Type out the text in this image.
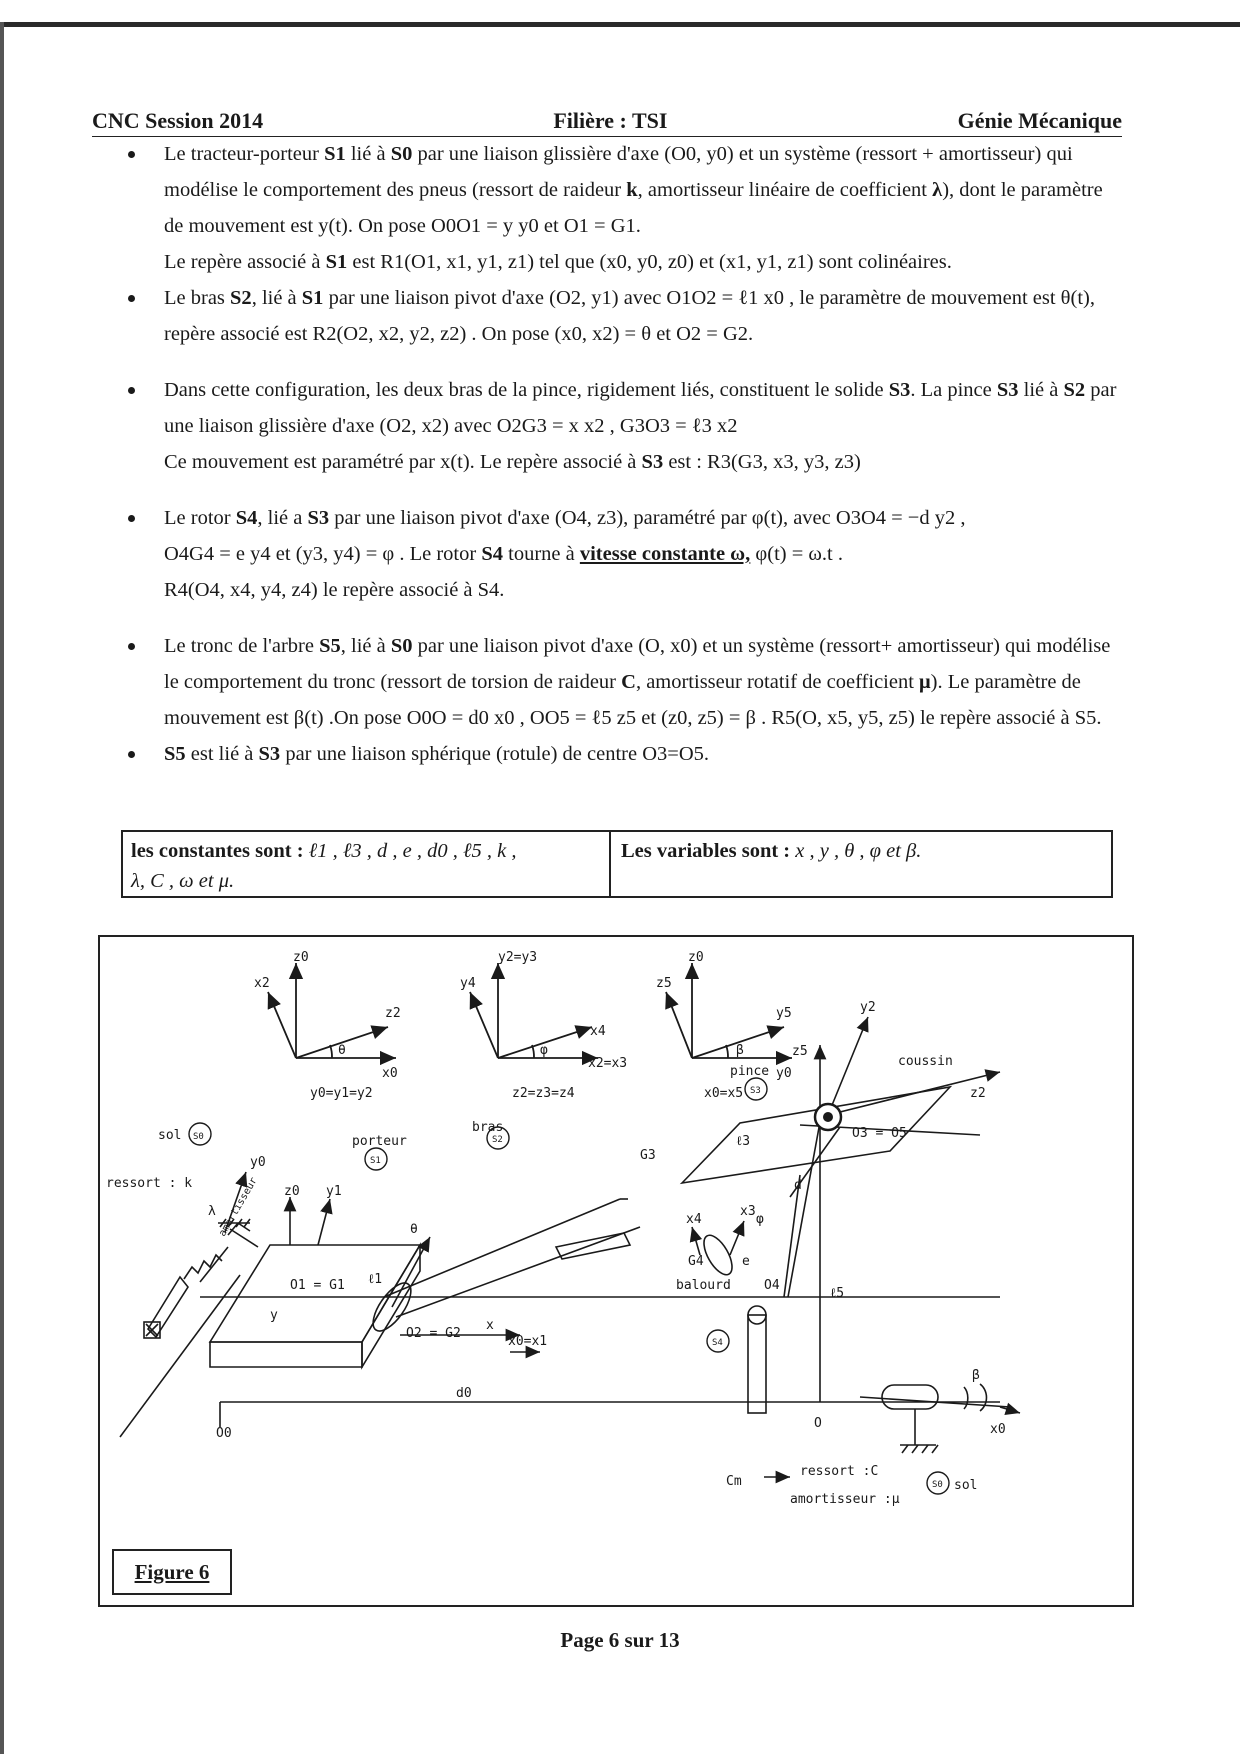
CNC Session 2014	Filière : TSI	Génie Mécanique

Le tracteur-porteur S1 lié à S0 par une liaison glissière d'axe (O0, y0) et un système (ressort + amortisseur) qui modélise le comportement des pneus (ressort de raideur k, amortisseur linéaire de coefficient λ), dont le paramètre de mouvement est y(t). On pose O0O1 = y y0 et O1 = G1.
Le repère associé à S1 est R1(O1, x1, y1, z1) tel que (x0, y0, z0) et (x1, y1, z1) sont colinéaires.

Le bras S2, lié à S1 par une liaison pivot d'axe (O2, y1) avec O1O2 = ℓ1 x0 , le paramètre de mouvement est θ(t), repère associé est R2(O2, x2, y2, z2) . On pose (x0, x2) = θ et O2 = G2.

Dans cette configuration, les deux bras de la pince, rigidement liés, constituent le solide S3. La pince S3 lié à S2 par une liaison glissière d'axe (O2, x2) avec O2G3 = x x2 , G3O3 = ℓ3 x2
Ce mouvement est paramétré par x(t). Le repère associé à S3 est : R3(G3, x3, y3, z3)

Le rotor S4, lié a S3 par une liaison pivot d'axe (O4, z3), paramétré par φ(t), avec O3O4 = −d y2 ,
O4G4 = e y4 et (y3, y4) = φ . Le rotor S4 tourne à vitesse constante ω, φ(t) = ω.t .
R4(O4, x4, y4, z4) le repère associé à S4.

Le tronc de l'arbre S5, lié à S0 par une liaison pivot d'axe (O, x0) et un système (ressort+ amortisseur) qui modélise le comportement du tronc (ressort de torsion de raideur C, amortisseur rotatif de coefficient μ). Le paramètre de mouvement est β(t) .On pose O0O = d0 x0 , OO5 = ℓ5 z5 et (z0, z5) = β . R5(O, x5, y5, z5) le repère associé à S5.

S5 est lié à S3 par une liaison sphérique (rotule) de centre O3=O5.

les constantes sont : ℓ1 , ℓ3 , d , e , d0 , ℓ5 , k ,
λ, C , ω et μ.
Les variables sont : x , y , θ , φ et β.
z0
x2
z2
x0
θ
y0=y1=y2
y2=y3
y4
x4
x2=x3
φ
z2=z3=z4
z0
z5
y5
y0
β
x0=x5
sol S0
y0
ressort : k amortisseur
λ
z0 y1
porteur
S1
bras
S2
θ
O1 = G1 ℓ1
O2 = G2
x
x0=x1
y
O0
d0
G3
ℓ3
pince
S3
z5
y2
coussin
z2
O3 = O5
d
x4
x3
φ
G4	e
balourd	O4
S4
ℓ5
O
β
x0
Cm
ressort :C
amortisseur :μ
S0 sol
Figure 6
Page 6 sur 13
